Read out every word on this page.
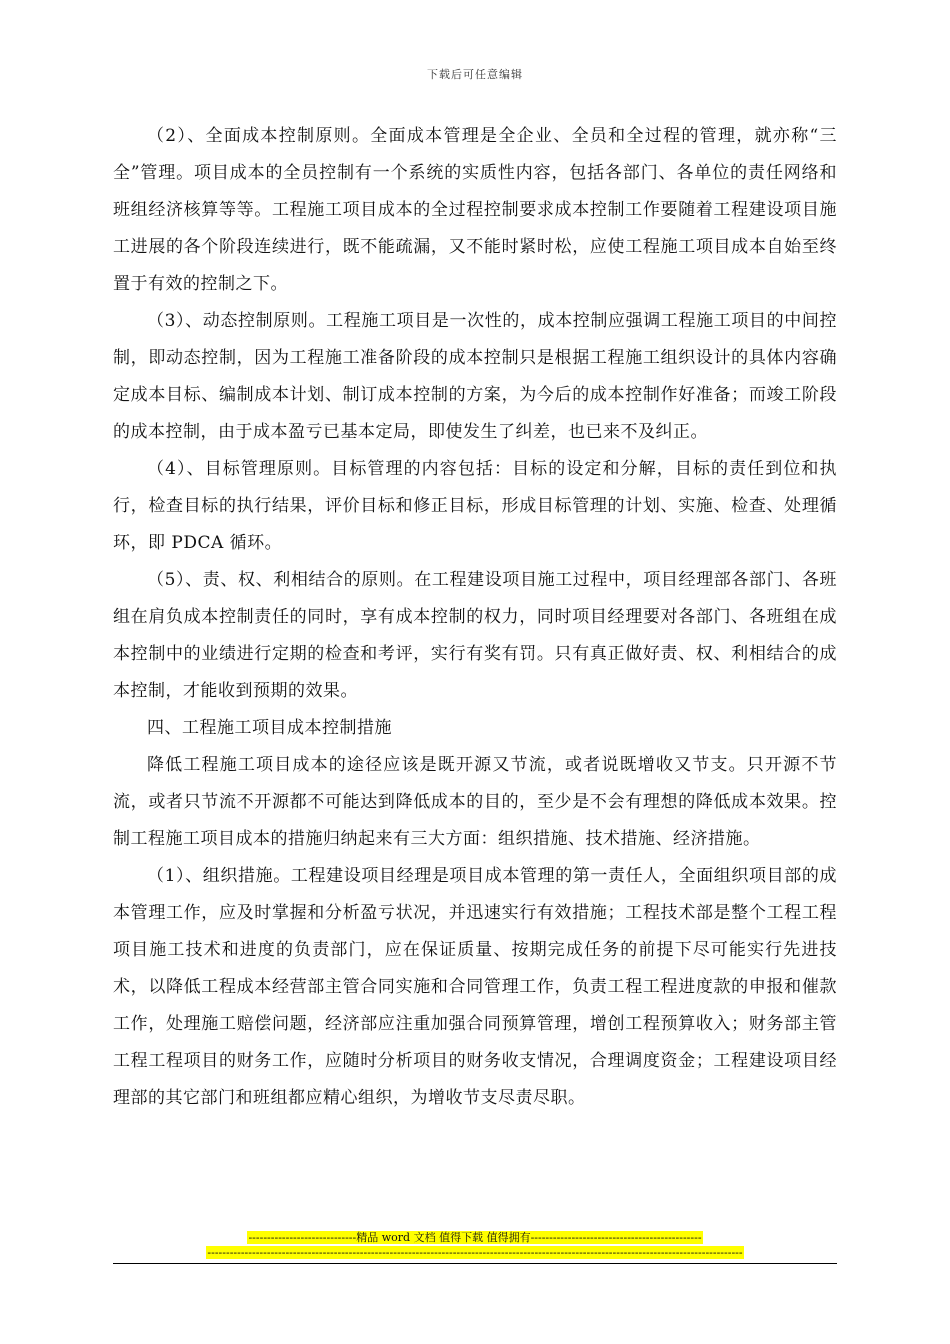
下载后可任意编辑

（2）、全面成本控制原则。全面成本管理是全企业、全员和全过程的管理，就亦称“三全”管理。项目成本的全员控制有一个系统的实质性内容，包括各部门、各单位的责任网络和班组经济核算等等。工程施工项目成本的全过程控制要求成本控制工作要随着工程建设项目施工进展的各个阶段连续进行，既不能疏漏，又不能时紧时松，应使工程施工项目成本自始至终置于有效的控制之下。

（3）、动态控制原则。工程施工项目是一次性的，成本控制应强调工程施工项目的中间控制，即动态控制，因为工程施工准备阶段的成本控制只是根据工程施工组织设计的具体内容确定成本目标、编制成本计划、制订成本控制的方案，为今后的成本控制作好准备；而竣工阶段的成本控制，由于成本盈亏已基本定局，即使发生了纠差，也已来不及纠正。

（4）、目标管理原则。目标管理的内容包括：目标的设定和分解，目标的责任到位和执行，检查目标的执行结果，评价目标和修正目标，形成目标管理的计划、实施、检查、处理循环，即 PDCA 循环。

（5）、责、权、利相结合的原则。在工程建设项目施工过程中，项目经理部各部门、各班组在肩负成本控制责任的同时，享有成本控制的权力，同时项目经理要对各部门、各班组在成本控制中的业绩进行定期的检查和考评，实行有奖有罚。只有真正做好责、权、利相结合的成本控制，才能收到预期的效果。

四、工程施工项目成本控制措施

降低工程施工项目成本的途径应该是既开源又节流，或者说既增收又节支。只开源不节流，或者只节流不开源都不可能达到降低成本的目的，至少是不会有理想的降低成本效果。控制工程施工项目成本的措施归纳起来有三大方面：组织措施、技术措施、经济措施。

（1）、组织措施。工程建设项目经理是项目成本管理的第一责任人，全面组织项目部的成本管理工作，应及时掌握和分析盈亏状况，并迅速实行有效措施；工程技术部是整个工程工程项目施工技术和进度的负责部门，应在保证质量、按期完成任务的前提下尽可能实行先进技术，以降低工程成本经营部主管合同实施和合同管理工作，负责工程工程进度款的申报和催款工作，处理施工赔偿问题，经济部应注重加强合同预算管理，增创工程预算收入；财务部主管工程工程项目的财务工作，应随时分析项目的财务收支情况，合理调度资金；工程建设项目经理部的其它部门和班组都应精心组织，为增收节支尽责尽职。

-----------------------------精品 word 文档 值得下载 值得拥有----------------------------------------------
------------------------------------------------------------------------------------------------------------------------------------------------
